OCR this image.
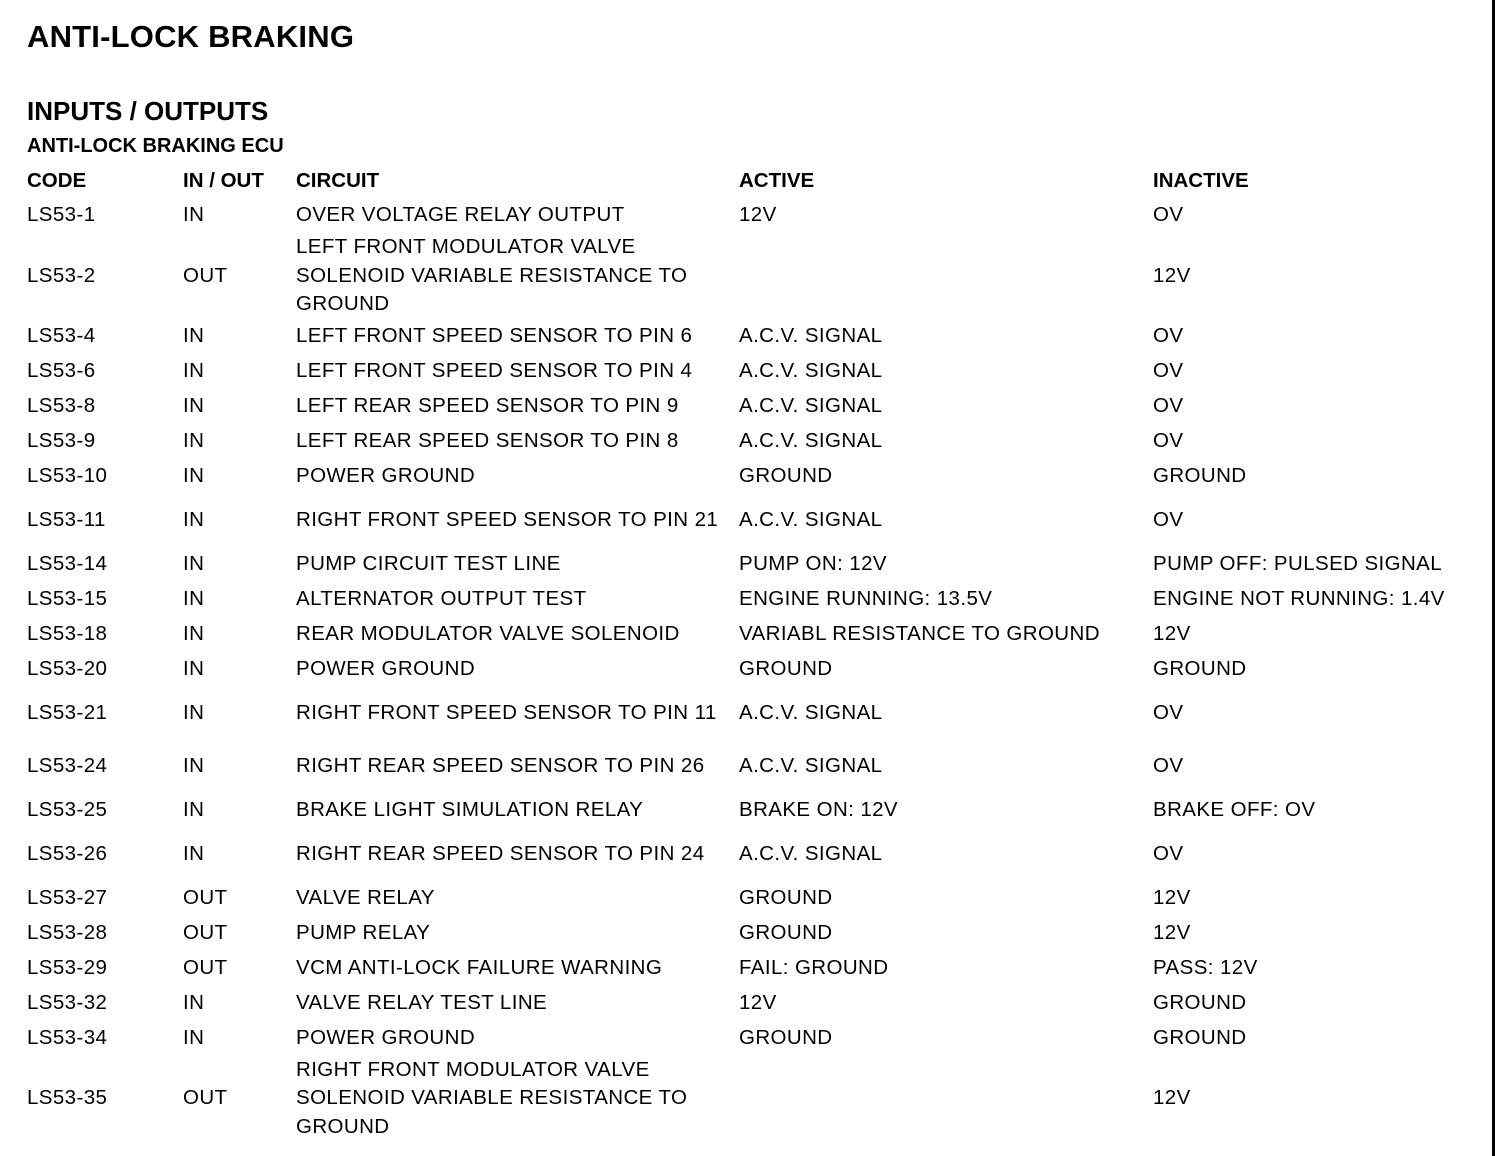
ANTI-LOCK BRAKING
INPUTS / OUTPUTS
ANTI-LOCK BRAKING ECU
CODE	IN / OUT	CIRCUIT	ACTIVE	INACTIVE
LS53-1	IN	OVER VOLTAGE RELAY OUTPUT	12V	OV
LS53-2	OUT	LEFT FRONT MODULATOR VALVE SOLENOID VARIABLE RESISTANCE TO GROUND		12V
LS53-4	IN	LEFT FRONT SPEED SENSOR TO PIN 6	A.C.V. SIGNAL	OV
LS53-6	IN	LEFT FRONT SPEED SENSOR TO PIN 4	A.C.V. SIGNAL	OV
LS53-8	IN	LEFT REAR SPEED SENSOR TO PIN 9	A.C.V. SIGNAL	OV
LS53-9	IN	LEFT REAR SPEED SENSOR TO PIN 8	A.C.V. SIGNAL	OV
LS53-10	IN	POWER GROUND	GROUND	GROUND
LS53-11	IN	RIGHT FRONT SPEED SENSOR TO PIN 21	A.C.V. SIGNAL	OV
LS53-14	IN	PUMP CIRCUIT TEST LINE	PUMP ON: 12V	PUMP OFF: PULSED SIGNAL
LS53-15	IN	ALTERNATOR OUTPUT TEST	ENGINE RUNNING: 13.5V	ENGINE NOT RUNNING: 1.4V
LS53-18	IN	REAR MODULATOR VALVE SOLENOID	VARIABL RESISTANCE TO GROUND	12V
LS53-20	IN	POWER GROUND	GROUND	GROUND
LS53-21	IN	RIGHT FRONT SPEED SENSOR TO PIN 11	A.C.V. SIGNAL	OV
LS53-24	IN	RIGHT REAR SPEED SENSOR TO PIN 26	A.C.V. SIGNAL	OV
LS53-25	IN	BRAKE LIGHT SIMULATION RELAY	BRAKE ON: 12V	BRAKE OFF: OV
LS53-26	IN	RIGHT REAR SPEED SENSOR TO PIN 24	A.C.V. SIGNAL	OV
LS53-27	OUT	VALVE RELAY	GROUND	12V
LS53-28	OUT	PUMP RELAY	GROUND	12V
LS53-29	OUT	VCM ANTI-LOCK FAILURE WARNING	FAIL: GROUND	PASS: 12V
LS53-32	IN	VALVE RELAY TEST LINE	12V	GROUND
LS53-34	IN	POWER GROUND	GROUND	GROUND
LS53-35	OUT	RIGHT FRONT MODULATOR VALVE SOLENOID VARIABLE RESISTANCE TO GROUND		12V
